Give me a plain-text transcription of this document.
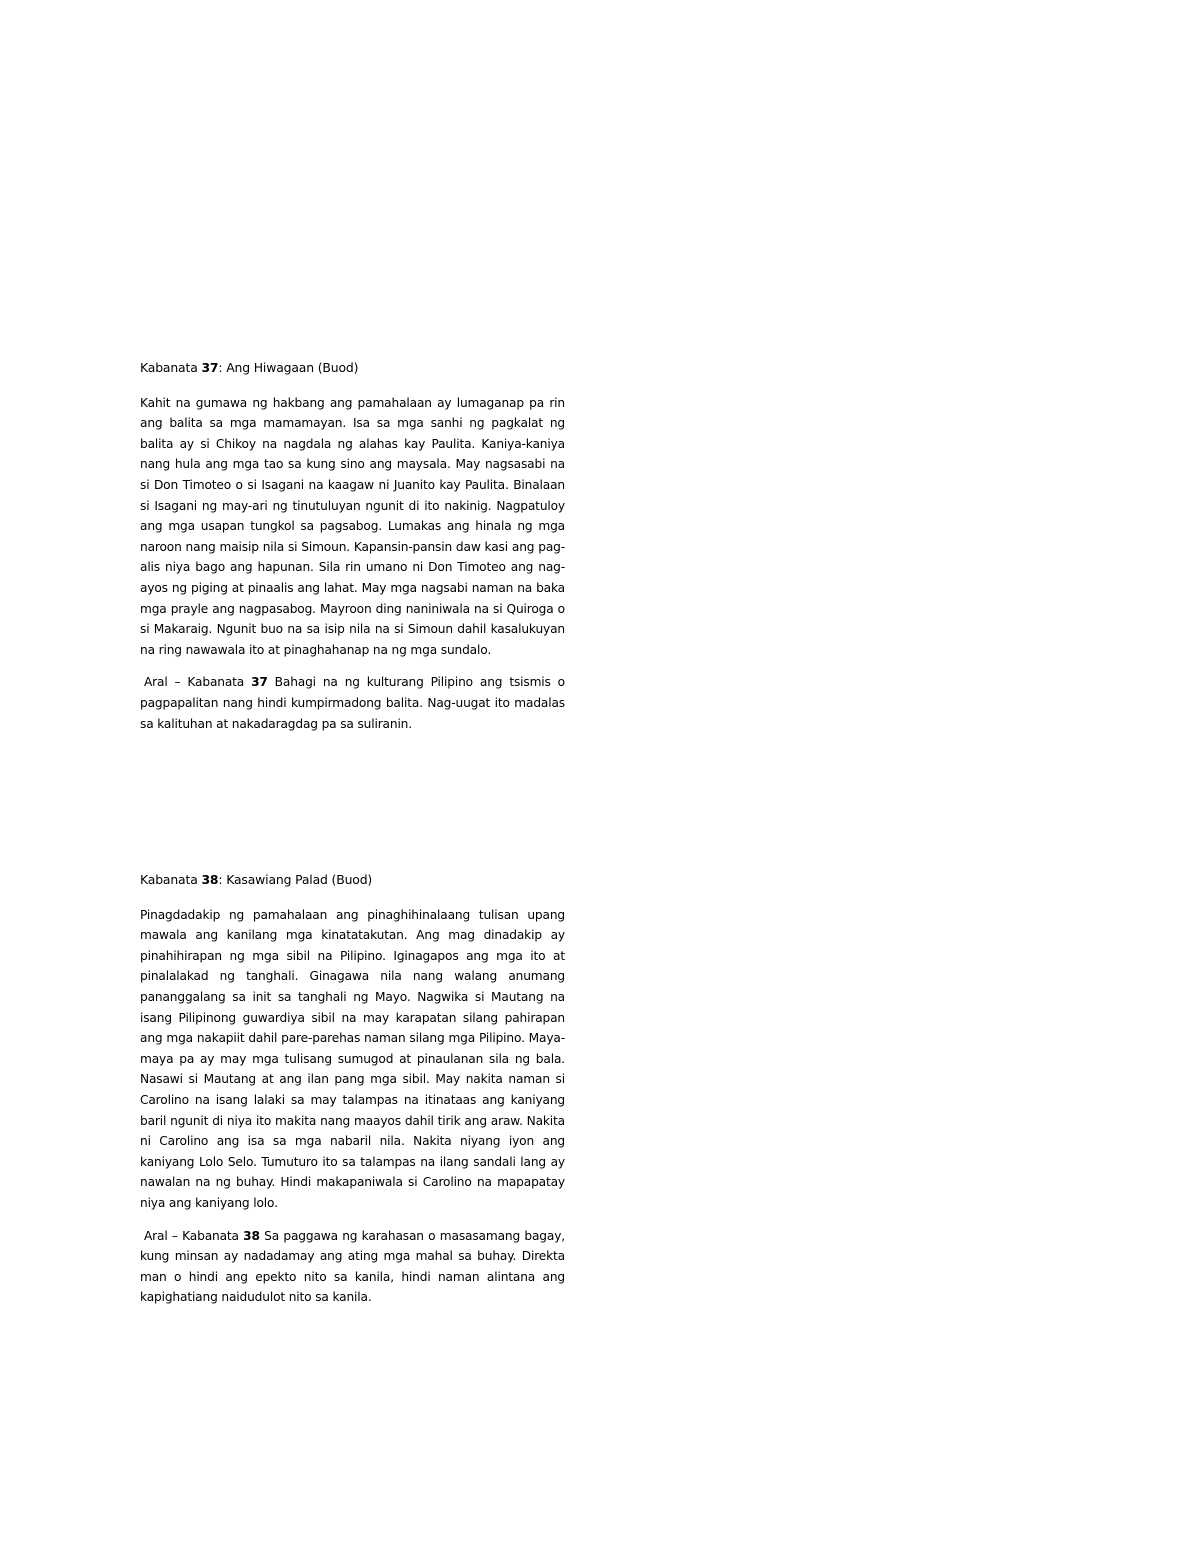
Kabanata 37: Ang Hiwagaan (Buod)

Kahit na gumawa ng hakbang ang pamahalaan ay lumaganap pa rin ang balita sa mga mamamayan. Isa sa mga sanhi ng pagkalat ng balita ay si Chikoy na nagdala ng alahas kay Paulita. Kaniya-kaniya nang hula ang mga tao sa kung sino ang maysala. May nagsasabi na si Don Timoteo o si Isagani na kaagaw ni Juanito kay Paulita. Binalaan si Isagani ng may-ari ng tinutuluyan ngunit di ito nakinig. Nagpatuloy ang mga usapan tungkol sa pagsabog. Lumakas ang hinala ng mga naroon nang maisip nila si Simoun. Kapansin-pansin daw kasi ang pag-alis niya bago ang hapunan. Sila rin umano ni Don Timoteo ang nag-ayos ng piging at pinaalis ang lahat. May mga nagsabi naman na baka mga prayle ang nagpasabog. Mayroon ding naniniwala na si Quiroga o si Makaraig. Ngunit buo na sa isip nila na si Simoun dahil kasalukuyan na ring nawawala ito at pinaghahanap na ng mga sundalo.

Aral – Kabanata 37 Bahagi na ng kulturang Pilipino ang tsismis o pagpapalitan nang hindi kumpirmadong balita. Nag-uugat ito madalas sa kalituhan at nakadaragdag pa sa suliranin.

Kabanata 38: Kasawiang Palad (Buod)

Pinagdadakip ng pamahalaan ang pinaghihinalaang tulisan upang mawala ang kanilang mga kinatatakutan. Ang mag dinadakip ay pinahihirapan ng mga sibil na Pilipino. Iginagapos ang mga ito at pinalalakad ng tanghali. Ginagawa nila nang walang anumang pananggalang sa init sa tanghali ng Mayo. Nagwika si Mautang na isang Pilipinong guwardiya sibil na may karapatan silang pahirapan ang mga nakapiit dahil pare-parehas naman silang mga Pilipino. Maya-maya pa ay may mga tulisang sumugod at pinaulanan sila ng bala. Nasawi si Mautang at ang ilan pang mga sibil. May nakita naman si Carolino na isang lalaki sa may talampas na itinataas ang kaniyang baril ngunit di niya ito makita nang maayos dahil tirik ang araw. Nakita ni Carolino ang isa sa mga nabaril nila. Nakita niyang iyon ang kaniyang Lolo Selo. Tumuturo ito sa talampas na ilang sandali lang ay nawalan na ng buhay. Hindi makapaniwala si Carolino na mapapatay niya ang kaniyang lolo.

Aral – Kabanata 38 Sa paggawa ng karahasan o masasamang bagay, kung minsan ay nadadamay ang ating mga mahal sa buhay. Direkta man o hindi ang epekto nito sa kanila, hindi naman alintana ang kapighatiang naidudulot nito sa kanila.
